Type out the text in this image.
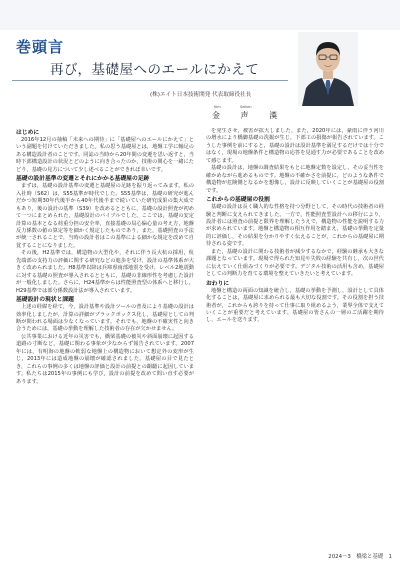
巻頭言
再び，基礎屋へのエールにかえて
(株)エイト日本技術開発 代表取締役社長
Kim	Seiken
金 声 漢
はじめに

2016年12月の抽稿「未来への期待」に「基礎屋へのエールにかえて」という副題を付けていただきました。私の思う基礎屋とは，地盤工学に軸足のある構造設計者のことです。同誌の当時から20年間の変遷を思い返すと，当時下部構造設計の状況とどのように向き合ったのか，技術の関心を一緒にたどり，基礎の見方について少し述べることができれば幸いです。

基礎の設計基準の変遷とそれにかかる基礎屋の足跡

まずは，基礎の設計基準の変遷と基礎屋の足跡を振り返ってみます。私の入社時（S62）は，S55基準が時代でした。S55基準は，基礎の研究が進んだかつ短期30年代後半から40年代後半まで続いていた研究成果の集大成でもあり，後の設計の基準（S39）を改めるとともに，基礎の設計照査が初めて一つにまとめられた，基礎設計のバイブルでした。ここでは，基礎の安定計算の基本となる荷重分担の安全率，直接基礎の局心偏心量の考え方，地盤反力係数の値の算定等を細かく規定したものであり，また，基礎照査の手法が統一されることで，当時の設計者はこの基準による細かな規定を改めて自覚することになりました。

その後，H2基準では，構造物の大型化や，それに伴う長大杭の採用，杭先端部の支持力の評価に関する研究などの進歩を受け，設計の基準体系が大きく改められました。H8基準以降は兵庫県南部地震を受け，レベル2地震動に対する基礎の照査が導入されるとともに，基礎の非線形性を考慮した設計が一般化しました。さらに，H24基準からは性能照査型の体系へと移行し，H29基準では部分係数設計法が導入されています。

基礎設計の現状と課題

上述の経緯を経て，今，設計基準や設計ツールの普及により基礎の設計は効率化しましたが，計算の詳細がブラックボックス化し，基礎屋としての判断が問われる場面は少なくなっています。それでも，地盤の不確実性と向き合うためには，基礎の挙動を理解した技術者の存在が欠かせません。

公共事業における近年の災害でも，橋梁基礎の被災や斜面崩壊に起因する道路の寸断など，基礎に関わる事象が少なからず報告されています。2007年には，有明海の地盤の軟弱な地盤上の構造物において想定外の変形が生じ，2013年には造成地盤の崩壊が確認されました。基礎屋の目で見たとき，これらの事例の多くは地盤の評価と設計の前提との齟齬に起因しています。私たちは2015年の事例にも学び，設計の前提を改めて問い直す必要があります。

を発生させ，被害が拡大しました。また，2020年には，豪雨に伴う河川の増水により橋脚基礎の洗掘が生じ，下部工の損傷が報告されています。こうした事例を前にすると，基礎の設計は設計基準を満足するだけでは十分ではなく，現場の地盤条件と構造物の応答を見通す力が必要であることを改めて感じます。

基礎の設計は，地盤の調査結果をもとに地盤定数を設定し，その妥当性を確かめながら進めるものです。地盤の不確かさを前提に，どのような条件で構造物が危険側となるかを想像し，設計に反映していくことが基礎屋の役割です。

これからの基礎屋の役割

基礎の設計は長く職人的な性格を持つ分野として，その時代の技術者の経験と判断に支えられてきました。一方で，性能照査型設計への移行により，設計者には照査の前提と限界を理解したうえで，構造物の性能を説明する力が求められています。地盤と構造物の相互作用を踏まえ，基礎の挙動を定量的に評価し，その結果を分かりやすく伝えることが，これからの基礎屋に期待される姿です。

また，基礎の設計に関わる技術者が減少するなかで，経験の継承も大きな課題となっています。現場で得られた知見や失敗の経験を共有し，次の世代に伝えていく仕組みづくりが必要です。デジタル技術の活用も含め，基礎屋としての判断力を育てる環境を整えていきたいと考えています。

おわりに

地盤と構造の両面の知識を統合し，基礎の挙動を予測し，設計として具体化することは，基礎屋に求められる最も大切な役割です。その役割を担う技術者が，これからも誇りを持って仕事に取り組めるよう，業界全体で支えていくことが重要だと考えています。基礎屋の皆さんの一層のご活躍を期待し，エールを送ります。

2024－3　橋梁と基礎　1
